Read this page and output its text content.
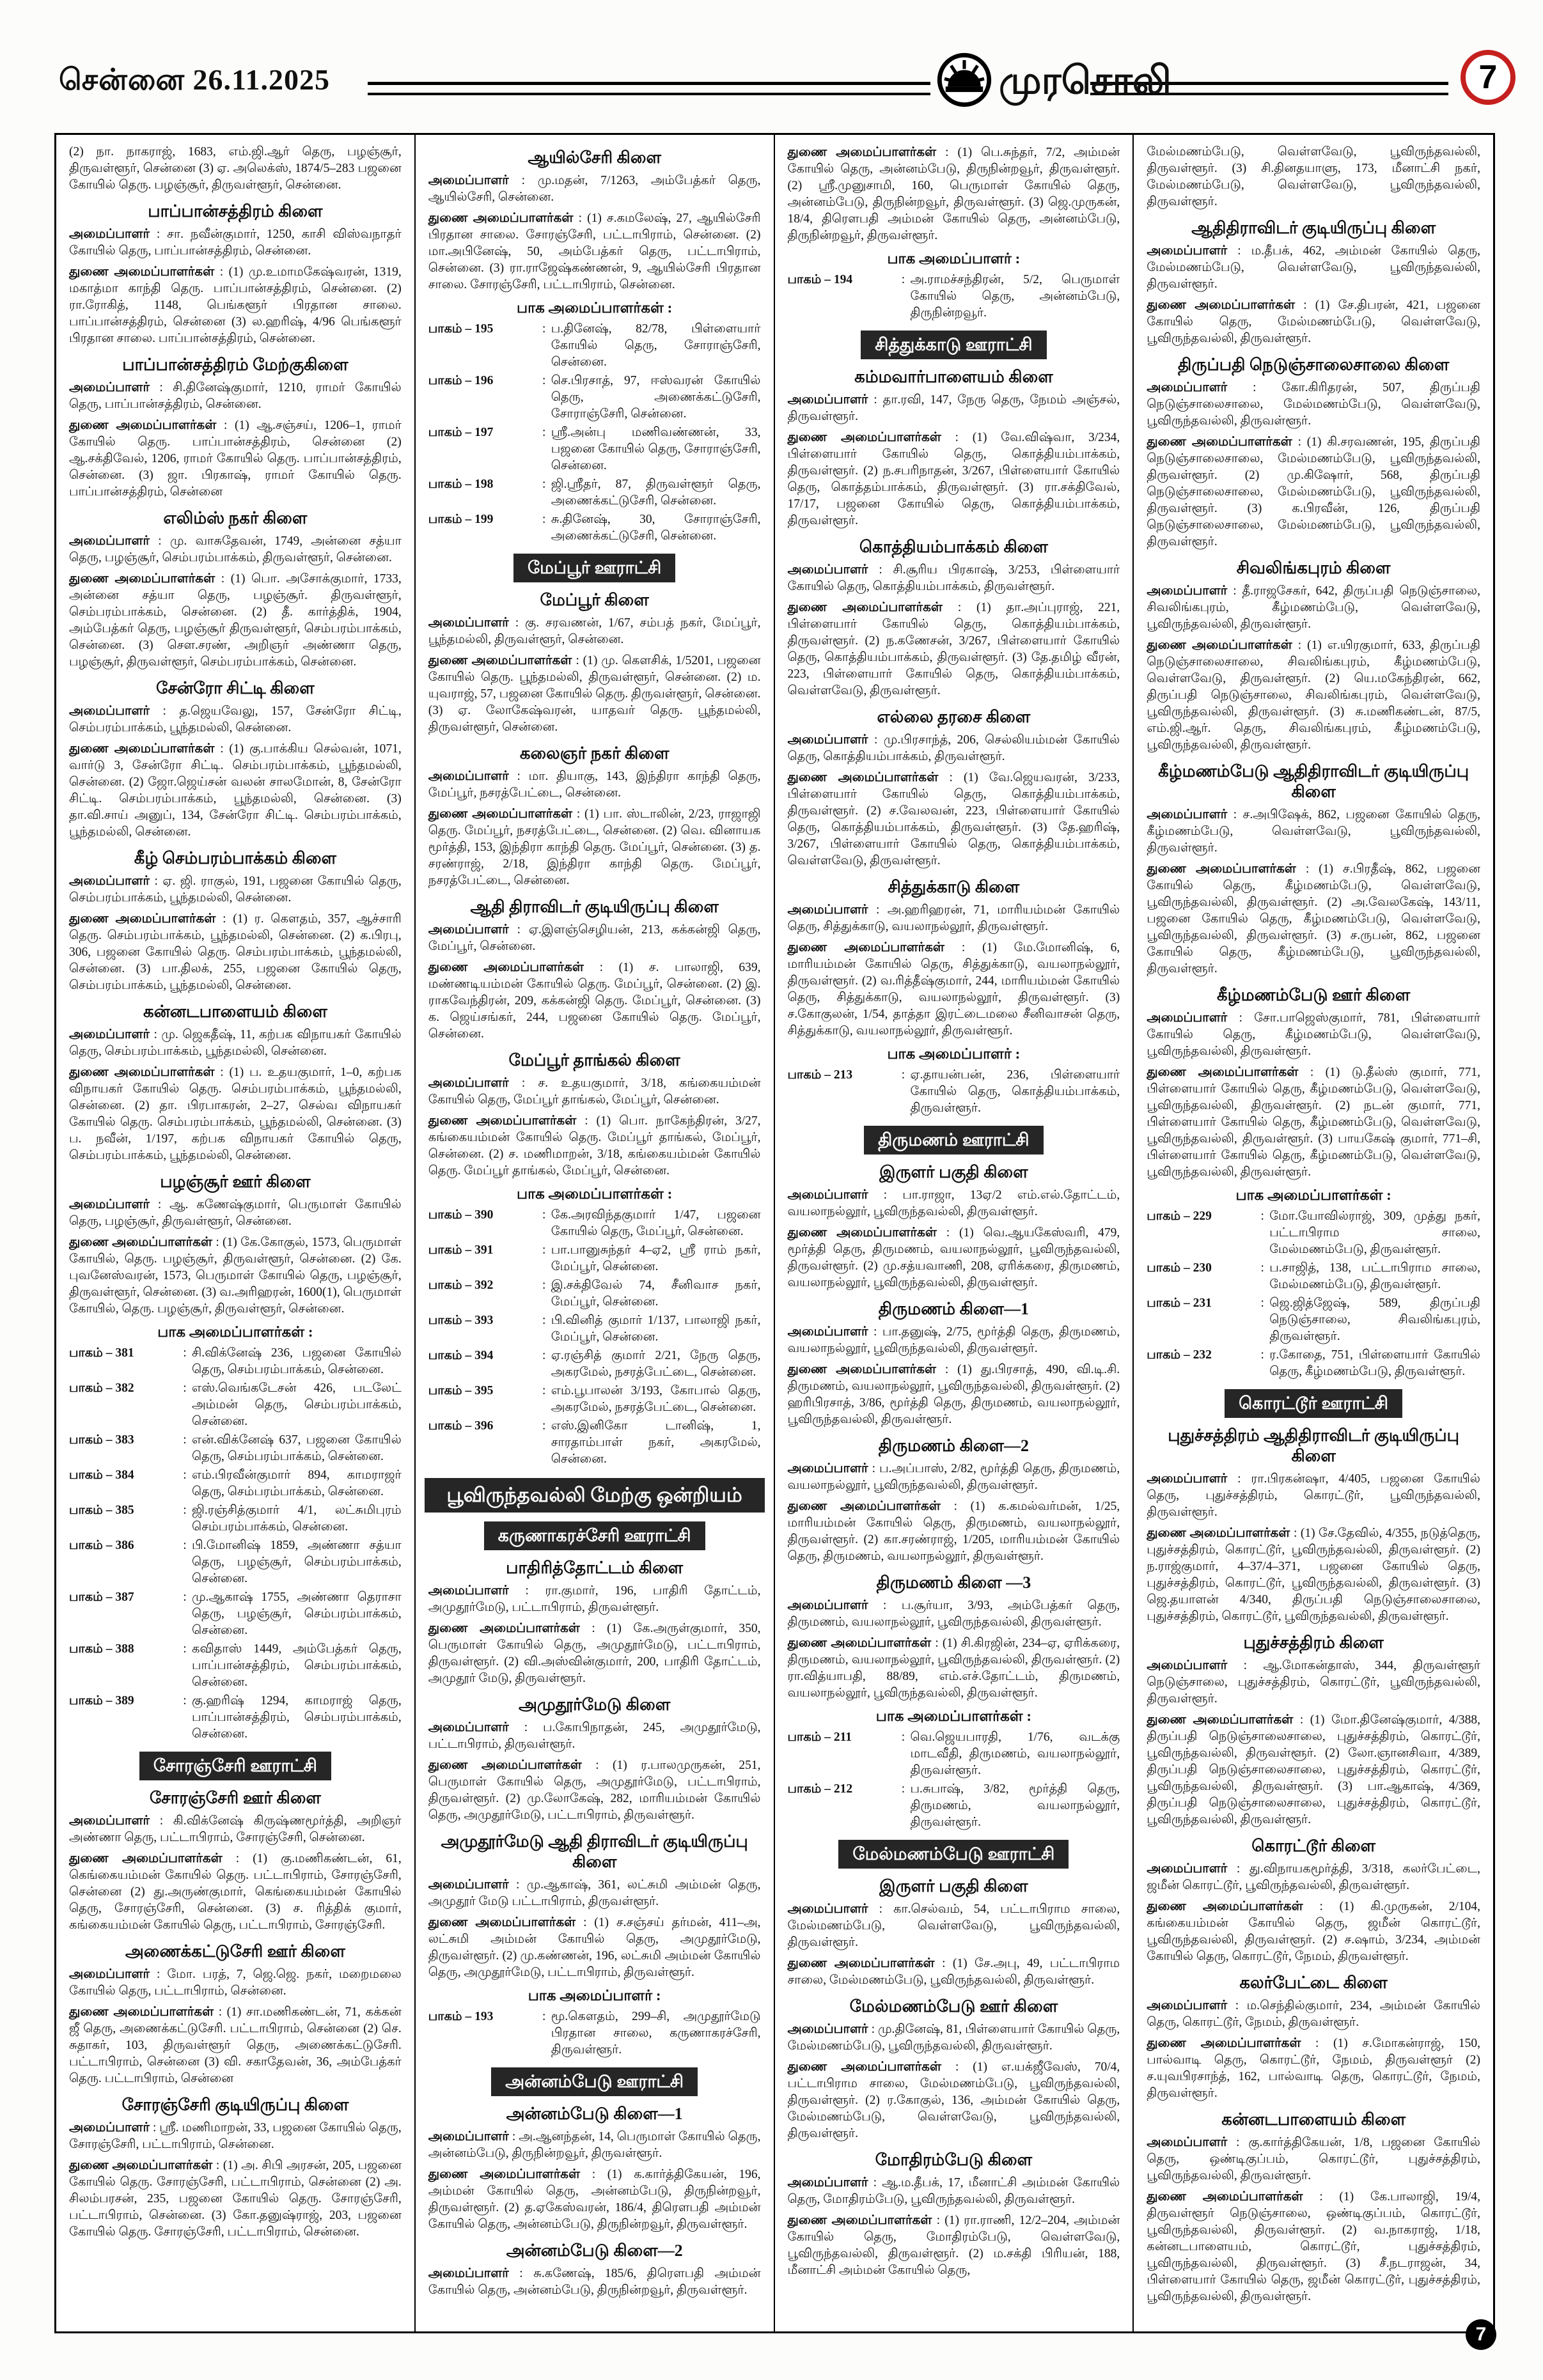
சென்னை 26.11.2025	முரசொலி	7
(2) நா. நாகராஜ், 1683, எம்.ஜி.ஆர் தெரு, பழஞ்சூர், திருவள்ளூர், சென்னை (3) ஏ. அலெக்ஸ், 1874/5–283 பஜனை கோயில் தெரு. பழஞ்சூர், திருவள்ளூர், சென்னை.
பாப்பான்சத்திரம் கிளை
அமைப்பாளர் : சா. நவீன்குமார், 1250, காசி விஸ்வநாதர் கோயில் தெரு, பாப்பான்சத்திரம், சென்னை.
துணை அமைப்பாளர்கள் : (1) மு.உமாமகேஷ்வரன், 1319, மகாத்மா காந்தி தெரு. பாப்பான்சத்திரம், சென்னை. (2) ரா.ரோகித், 1148, பெங்களூர் பிரதான சாலை. பாப்பான்சத்திரம், சென்னை (3) ல.ஹரிஷ், 4/96 பெங்களூர் பிரதான சாலை. பாப்பான்சத்திரம், சென்னை.
பாப்பான்சத்திரம் மேற்குகிளை
அமைப்பாளர் : சி.தினேஷ்குமார், 1210, ராமர் கோயில் தெரு, பாப்பான்சத்திரம், சென்னை.
துணை அமைப்பாளர்கள் : (1) ஆ.சஞ்சய், 1206–1, ராமர் கோயில் தெரு. பாப்பான்சத்திரம், சென்னை (2) ஆ.சக்திவேல், 1206, ராமர் கோயில் தெரு. பாப்பான்சத்திரம், சென்னை. (3) ஜா. பிரகாஷ், ராமர் கோயில் தெரு. பாப்பான்சத்திரம், சென்னை
எலிம்ஸ் நகர் கிளை
அமைப்பாளர் : மு. வாசுதேவன், 1749, அன்னை சத்யா தெரு, பழஞ்சூர், செம்பரம்பாக்கம், திருவள்ளூர், சென்னை.
துணை அமைப்பாளர்கள் : (1) பொ. அசோக்குமார், 1733, அன்னை சத்யா தெரு, பழஞ்சூர். திருவள்ளூர், செம்பரம்பாக்கம், சென்னை. (2) தீ. கார்த்திக், 1904, அம்பேத்கர் தெரு, பழஞ்சூர் திருவள்ளூர், செம்பரம்பாக்கம், சென்னை. (3) செள.சரண், அறிஞர் அண்ணா தெரு, பழஞ்சூர், திருவள்ளூர், செம்பரம்பாக்கம், சென்னை.
சேன்ரோ சிட்டி கிளை
அமைப்பாளர் : த.ஜெயவேலு, 157, சேன்ரோ சிட்டி, செம்பரம்பாக்கம், பூந்தமல்லி, சென்னை.
துணை அமைப்பாளர்கள் : (1) கு.பாக்கிய செல்வன், 1071, வார்டு 3, சேன்ரோ சிட்டி. செம்பரம்பாக்கம், பூந்தமல்லி, சென்னை. (2) ஜோ.ஜெய்சன் வலன் சாலமோன், 8, சேன்ரோ சிட்டி. செம்பரம்பாக்கம், பூந்தமல்லி, சென்னை. (3) தா.வி.சாய் அனுப், 134, சேன்ரோ சிட்டி. செம்பரம்பாக்கம், பூந்தமல்லி, சென்னை.
கீழ் செம்பரம்பாக்கம் கிளை
அமைப்பாளர் : ஏ. ஜி. ராகுல், 191, பஜனை கோயில் தெரு, செம்பரம்பாக்கம், பூந்தமல்லி, சென்னை.
துணை அமைப்பாளர்கள் : (1) ர. கௌதம், 357, ஆச்சாரி தெரு. செம்பரம்பாக்கம், பூந்தமல்லி, சென்னை. (2) க.பிரபு, 306, பஜனை கோயில் தெரு. செம்பரம்பாக்கம், பூந்தமல்லி, சென்னை. (3) பா.திலக், 255, பஜனை கோயில் தெரு, செம்பரம்பாக்கம், பூந்தமல்லி, சென்னை.
கன்னடபாளையம் கிளை
அமைப்பாளர் : மு. ஜெகதீஷ், 11, கற்பக விநாயகர் கோயில் தெரு, செம்பரம்பாக்கம், பூந்தமல்லி, சென்னை.
துணை அமைப்பாளர்கள் : (1) ப. உதயகுமார், 1–0, கற்பக விநாயகர் கோயில் தெரு. செம்பரம்பாக்கம், பூந்தமல்லி, சென்னை. (2) தா. பிரபாகரன், 2–27, செல்வ விநாயகர் கோயில் தெரு. செம்பரம்பாக்கம், பூந்தமல்லி, சென்னை. (3) ப. நவீன், 1/197, கற்பக விநாயகர் கோயில் தெரு, செம்பரம்பாக்கம், பூந்தமல்லி, சென்னை.
பழஞ்சூர் ஊர் கிளை
அமைப்பாளர் : ஆ. கணேஷ்குமார், பெருமாள் கோயில் தெரு, பழஞ்சூர், திருவள்ளூர், சென்னை.
துணை அமைப்பாளர்கள் : (1) கே.கோகுல், 1573, பெருமாள் கோயில், தெரு. பழஞ்சூர், திருவள்ளூர், சென்னை. (2) கே. புவனேஸ்வரன், 1573, பெருமாள் கோயில் தெரு, பழஞ்சூர், திருவள்ளூர், சென்னை. (3) வ.அரிஹரன், 1600(1), பெருமாள் கோயில், தெரு. பழஞ்சூர், திருவள்ளூர், சென்னை.
பாக அமைப்பாளர்கள் :
பாகம் – 381	: சி.விக்னேஷ் 236, பஜனை கோயில் தெரு, செம்பரம்பாக்கம், சென்னை.
பாகம் – 382	: எஸ்.வெங்கடேசன் 426, படலேட் அம்மன் தெரு, செம்பரம்பாக்கம், சென்னை.
பாகம் – 383	: என்.விக்னேஷ் 637, பஜனை கோயில் தெரு, செம்பரம்பாக்கம், சென்னை.
பாகம் – 384	: எம்.பிரவீன்குமார் 894, காமராஜர் தெரு, செம்பரம்பாக்கம், சென்னை.
பாகம் – 385	: ஜி.ரஞ்சித்குமார் 4/1, லட்சுமிபுரம் செம்பரம்பாக்கம், சென்னை.
பாகம் – 386	: பி.மோனிஷ் 1859, அண்ணா சத்யா தெரு, பழஞ்சூர், செம்பரம்பாக்கம், சென்னை.
பாகம் – 387	: மு.ஆகாஷ் 1755, அண்ணா தெராசா தெரு, பழஞ்சூர், செம்பரம்பாக்கம், சென்னை.
பாகம் – 388	: கவிதாஸ் 1449, அம்பேத்கர் தெரு, பாப்பான்சத்திரம், செம்பரம்பாக்கம், சென்னை.
பாகம் – 389	: கு.ஹரிஷ் 1294, காமராஜ் தெரு, பாப்பான்சத்திரம், செம்பரம்பாக்கம், சென்னை.
சோரஞ்சேரி ஊராட்சி
சோரஞ்சேரி ஊர் கிளை
அமைப்பாளர் : கி.விக்னேஷ் கிருஷ்ணமூர்த்தி, அறிஞர் அண்ணா தெரு, பட்டாபிராம், சோரஞ்சேரி, சென்னை.
துணை அமைப்பாளர்கள் : (1) கு.மணிகண்டன், 61, கெங்கையம்மன் கோயில் தெரு. பட்டாபிராம், சோரஞ்சேரி, சென்னை (2) து.அருண்குமார், கெங்கையம்மன் கோயில் தெரு, சோரஞ்சேரி, சென்னை. (3) ச. ரித்திக் குமார், கங்கையம்மன் கோயில் தெரு, பட்டாபிராம், சோரஞ்சேரி.
அணைக்கட்டுசேரி ஊர் கிளை
அமைப்பாளர் : மோ. பரத், 7, ஜெ.ஜெ. நகர், மறைமலை கோயில் தெரு, பட்டாபிராம், சென்னை.
துணை அமைப்பாளர்கள் : (1) சா.மணிகண்டன், 71, கக்கன் ஜீ தெரு, அணைக்கட்டுசேரி. பட்டாபிராம், சென்னை (2) செ. சுதாகர், 103, திருவள்ளூர் தெரு, அணைக்கட்டுசேரி. பட்டாபிராம், சென்னை (3) வி. சகாதேவன், 36, அம்பேத்கர் தெரு. பட்டாபிராம், சென்னை
சோரஞ்சேரி குடியிருப்பு கிளை
அமைப்பாளர் : ஸ்ரீ. மணிமாறன், 33, பஜனை கோயில் தெரு, சோரஞ்சேரி, பட்டாபிராம், சென்னை.
துணை அமைப்பாளர்கள் : (1) அ. சிபி அரசன், 205, பஜனை கோயில் தெரு. சோரஞ்சேரி, பட்டாபிராம், சென்னை (2) அ. சிலம்பரசன், 235, பஜனை கோயில் தெரு. சோரஞ்சேரி, பட்டாபிராம், சென்னை. (3) கோ.தனுஷ்ராஜ், 203, பஜனை கோயில் தெரு. சோரஞ்சேரி, பட்டாபிராம், சென்னை.
ஆயில்சேரி கிளை
அமைப்பாளர் : மு.மதன், 7/1263, அம்பேத்கர் தெரு, ஆயில்சேரி, சென்னை.
துணை அமைப்பாளர்கள் : (1) ச.கமலேஷ், 27, ஆயில்சேரி பிரதான சாலை. சோரஞ்சேரி, பட்டாபிராம், சென்னை. (2) மா.அபினேஷ், 50, அம்பேத்கர் தெரு, பட்டாபிராம், சென்னை. (3) ரா.ராஜேஷ்கண்ணன், 9, ஆயில்சேரி பிரதான சாலை. சோரஞ்சேரி, பட்டாபிராம், சென்னை.
பாக அமைப்பாளர்கள் :
பாகம் – 195	: ப.தினேஷ், 82/78, பிள்ளையார் கோயில் தெரு, சோராஞ்சேரி, சென்னை.
பாகம் – 196	: செ.பிரசாத், 97, ஈஸ்வரன் கோயில் தெரு, அணைக்கட்டுசேரி, சோராஞ்சேரி, சென்னை.
பாகம் – 197	: ஸ்ரீ.அன்பு மணிவண்ணன், 33, பஜனை கோயில் தெரு, சோராஞ்சேரி, சென்னை.
பாகம் – 198	: ஜி.ஸ்ரீதர், 87, திருவள்ளூர் தெரு, அணைக்கட்டுசேரி, சென்னை.
பாகம் – 199	: சு.தினேஷ், 30, சோராஞ்சேரி, அணைக்கட்டுசேரி, சென்னை.
மேப்பூர் ஊராட்சி
மேப்பூர் கிளை
அமைப்பாளர் : கு. சரவணன், 1/67, சம்பத் நகர், மேப்பூர், பூந்தமல்லி, திருவள்ளூர், சென்னை.
துணை அமைப்பாளர்கள் : (1) மு. கௌசிக், 1/5201, பஜனை கோயில் தெரு. பூந்தமல்லி, திருவள்ளூர், சென்னை. (2) ம. யுவராஜ், 57, பஜனை கோயில் தெரு. திருவள்ளூர், சென்னை. (3) ஏ. லோகேஷ்வரன், யாதவர் தெரு. பூந்தமல்லி, திருவள்ளூர், சென்னை.
கலைஞர் நகர் கிளை
அமைப்பாளர் : மா. தியாகு, 143, இந்திரா காந்தி தெரு, மேப்பூர், நசரத்பேட்டை, சென்னை.
துணை அமைப்பாளர்கள் : (1) பா. ஸ்டாலின், 2/23, ராஜாஜி தெரு. மேப்பூர், நசரத்பேட்டை, சென்னை. (2) வெ. வினாயக மூர்த்தி, 153, இந்திரா காந்தி தெரு. மேப்பூர், சென்னை. (3) த. சரண்ராஜ், 2/18, இந்திரா காந்தி தெரு. மேப்பூர், நசரத்பேட்டை, சென்னை.
ஆதி திராவிடர் குடியிருப்பு கிளை
அமைப்பாளர் : ஏ.இளஞ்செழியன், 213, கக்கன்ஜி தெரு, மேப்பூர், சென்னை.
துணை அமைப்பாளர்கள் : (1) ச. பாலாஜி, 639, மண்ணடியம்மன் கோயில் தெரு. மேப்பூர், சென்னை. (2) இ. ராகவேந்திரன், 209, கக்கன்ஜி தெரு. மேப்பூர், சென்னை. (3) க. ஜெய்சங்கர், 244, பஜனை கோயில் தெரு. மேப்பூர், சென்னை.
மேப்பூர் தாங்கல் கிளை
அமைப்பாளர் : ச. உதயகுமார், 3/18, கங்கையம்மன் கோயில் தெரு, மேப்பூர் தாங்கல், மேப்பூர், சென்னை.
துணை அமைப்பாளர்கள் : (1) பொ. நாகேந்திரன், 3/27, கங்கையம்மன் கோயில் தெரு. மேப்பூர் தாங்கல், மேப்பூர், சென்னை. (2) ச. மணிமாறன், 3/18, கங்கையம்மன் கோயில் தெரு. மேப்பூர் தாங்கல், மேப்பூர், சென்னை.
பாக அமைப்பாளர்கள் :
பாகம் – 390	: கே.அரவிந்தகுமார் 1/47, பஜனை கோயில் தெரு, மேப்பூர், சென்னை.
பாகம் – 391	: பா.பானுசுந்தர் 4–ஏ2, ஸ்ரீ ராம் நகர், மேப்பூர், சென்னை.
பாகம் – 392	: இ.சக்திவேல் 74, சீனிவாச நகர், மேப்பூர், சென்னை.
பாகம் – 393	: பி.வினித் குமார் 1/137, பாலாஜி நகர், மேப்பூர், சென்னை.
பாகம் – 394	: ஏ.ரஞ்சித் குமார் 2/21, நேரு தெரு, அகரமேல், நசரத்பேட்டை, சென்னை.
பாகம் – 395	: எம்.பூபாலன் 3/193, கோபால் தெரு, அகரமேல், நசரத்பேட்டை, சென்னை.
பாகம் – 396	: எஸ்.இனிகோ டானிஷ், 1, சாரதாம்பாள் நகர், அகரமேல், சென்னை.
பூவிருந்தவல்லி மேற்கு ஒன்றியம்
கருணாகரச்சேரி ஊராட்சி
பாதிரித்தோட்டம் கிளை
அமைப்பாளர் : ரா.குமார், 196, பாதிரி தோட்டம், அமுதூர்மேடு, பட்டாபிராம், திருவள்ளூர்.
துணை அமைப்பாளர்கள் : (1) கே.அருள்குமார், 350, பெருமாள் கோயில் தெரு, அமுதூர்மேடு, பட்டாபிராம், திருவள்ளூர். (2) வி.அஸ்வின்குமார், 200, பாதிரி தோட்டம், அமுதூர் மேடு, திருவள்ளூர்.
அமுதூர்மேடு கிளை
அமைப்பாளர் : ப.கோபிநாதன், 245, அமுதூர்மேடு, பட்டாபிராம், திருவள்ளூர்.
துணை அமைப்பாளர்கள் : (1) ர.பாலமுருகன், 251, பெருமாள் கோயில் தெரு, அமுதூர்மேடு, பட்டாபிராம், திருவள்ளூர். (2) மு.லோகேஷ், 282, மாரியம்மன் கோயில் தெரு, அமுதூர்மேடு, பட்டாபிராம், திருவள்ளூர்.
அமுதூர்மேடு ஆதி திராவிடர் குடியிருப்பு கிளை
அமைப்பாளர் : மு.ஆகாஷ், 361, லட்சுமி அம்மன் தெரு, அமுதூர் மேடு பட்டாபிராம், திருவள்ளூர்.
துணை அமைப்பாளர்கள் : (1) ச.சஞ்சய் தர்மன், 411–அ, லட்சுமி அம்மன் கோயில் தெரு, அமுதூர்மேடு, திருவள்ளூர். (2) மு.கண்ணன், 196, லட்சுமி அம்மன் கோயில் தெரு, அமுதூர்மேடு, பட்டாபிராம், திருவள்ளூர்.
பாக அமைப்பாளர் :
பாகம் – 193	: மூ.கௌதம், 299–சி, அமுதூர்மேடு பிரதான சாலை, கருணாகரச்சேரி, திருவள்ளூர்.
அன்னம்பேடு ஊராட்சி
அன்னம்பேடு கிளை—1
அமைப்பாளர் : அ.ஆனந்தன், 14, பெருமாள் கோயில் தெரு, அன்னம்பேடு, திருநின்றவூர், திருவள்ளூர்.
துணை அமைப்பாளர்கள் : (1) க.கார்த்திகேயன், 196, அம்மன் கோயில் தெரு, அன்னம்பேடு, திருநின்றவூர், திருவள்ளூர். (2) த.ஏகேஸ்வரன், 186/4, திரௌபதி அம்மன் கோயில் தெரு, அன்னம்பேடு, திருநின்றவூர், திருவள்ளூர்.
அன்னம்பேடு கிளை—2
அமைப்பாளர் : சு.கணேஷ், 185/6, திரௌபதி அம்மன் கோயில் தெரு, அன்னம்பேடு, திருநின்றவூர், திருவள்ளூர்.
துணை அமைப்பாளர்கள் : (1) பெ.சுந்தர், 7/2, அம்மன் கோயில் தெரு, அன்னம்பேடு, திருநின்றவூர், திருவள்ளூர். (2) ஸ்ரீ.முனுசாமி, 160, பெருமாள் கோயில் தெரு, அன்னம்பேடு, திருநின்றவூர், திருவள்ளூர். (3) ஜெ.முருகன், 18/4, திரௌபதி அம்மன் கோயில் தெரு, அன்னம்பேடு, திருநின்றவூர், திருவள்ளூர்.
பாக அமைப்பாளர் :
பாகம் – 194	: அ.ராமச்சந்திரன், 5/2, பெருமாள் கோயில் தெரு, அன்னம்பேடு, திருநின்றவூர்.
சித்துக்காடு ஊராட்சி
கம்மவார்பாளையம் கிளை
அமைப்பாளர் : தா.ரவி, 147, நேரு தெரு, நேமம் அஞ்சல், திருவள்ளூர்.
துணை அமைப்பாளர்கள் : (1) வே.விஷ்வா, 3/234, பிள்ளையார் கோயில் தெரு, கொத்தியம்பாக்கம், திருவள்ளூர். (2) ந.சபரிநாதன், 3/267, பிள்ளையார் கோயில் தெரு, கொத்தம்பாக்கம், திருவள்ளூர். (3) ரா.சக்திவேல், 17/17, பஜனை கோயில் தெரு, கொத்தியம்பாக்கம், திருவள்ளூர்.
கொத்தியம்பாக்கம் கிளை
அமைப்பாளர் : சி.சூரிய பிரகாஷ், 3/253, பிள்ளையார் கோயில் தெரு, கொத்தியம்பாக்கம், திருவள்ளூர்.
துணை அமைப்பாளர்கள் : (1) தா.அப்புராஜ், 221, பிள்ளையார் கோயில் தெரு, கொத்தியம்பாக்கம், திருவள்ளூர். (2) ந.கணேசன், 3/267, பிள்ளையார் கோயில் தெரு, கொத்தியம்பாக்கம், திருவள்ளூர். (3) தே.தமிழ் வீரன், 223, பிள்ளையார் கோயில் தெரு, கொத்தியம்பாக்கம், வெள்ளவேடு, திருவள்ளூர்.
எல்லை தரசை கிளை
அமைப்பாளர் : மு.பிரசாந்த், 206, செல்லியம்மன் கோயில் தெரு, கொத்தியம்பாக்கம், திருவள்ளூர்.
துணை அமைப்பாளர்கள் : (1) வே.ஜெயவரன், 3/233, பிள்ளையார் கோயில் தெரு, கொத்தியம்பாக்கம், திருவள்ளூர். (2) ச.வேலவன், 223, பிள்ளையார் கோயில் தெரு, கொத்தியம்பாக்கம், திருவள்ளூர். (3) தே.ஹரிஷ், 3/267, பிள்ளையார் கோயில் தெரு, கொத்தியம்பாக்கம், வெள்ளவேடு, திருவள்ளூர்.
சித்துக்காடு கிளை
அமைப்பாளர் : அ.ஹரிஹரன், 71, மாரியம்மன் கோயில் தெரு, சித்துக்காடு, வயலாநல்லூர், திருவள்ளூர்.
துணை அமைப்பாளர்கள் : (1) மே.மோனிஷ், 6, மாரியம்மன் கோயில் தெரு, சித்துக்காடு, வயலாநல்லூர், திருவள்ளூர். (2) வ.ரித்தீஷ்குமார், 244, மாரியம்மன் கோயில் தெரு, சித்துக்காடு, வயலாநல்லூர், திருவள்ளூர். (3) ச.கோகுலன், 1/54, தாத்தா இரட்டைமலை சீனிவாசன் தெரு, சித்துக்காடு, வயலாநல்லூர், திருவள்ளூர்.
பாக அமைப்பாளர் :
பாகம் – 213	: ஏ.தாயன்பன், 236, பிள்ளையார் கோயில் தெரு, கொத்தியம்பாக்கம், திருவள்ளூர்.
திருமணம் ஊராட்சி
இருளர் பகுதி கிளை
அமைப்பாளர் : பா.ராஜா, 13ஏ/2 எம்.எல்.தோட்டம், வயலாநல்லூர், பூவிருந்தவல்லி, திருவள்ளூர்.
துணை அமைப்பாளர்கள் : (1) வெ.ஆயகேஸ்வரி, 479, மூர்த்தி தெரு, திருமணம், வயலாநல்லூர், பூவிருந்தவல்லி, திருவள்ளூர். (2) மு.சத்யவாணி, 208, ஏரிக்கரை, திருமணம், வயலாநல்லூர், பூவிருந்தவல்லி, திருவள்ளூர்.
திருமணம் கிளை—1
அமைப்பாளர் : பா.தனுஷ், 2/75, மூர்த்தி தெரு, திருமணம், வயலாநல்லூர், பூவிருந்தவல்லி, திருவள்ளூர்.
துணை அமைப்பாளர்கள் : (1) து.பிரசாத், 490, வி.டி.சி. திருமணம், வயலாநல்லூர், பூவிருந்தவல்லி, திருவள்ளூர். (2) ஹரிபிரசாத், 3/86, மூர்த்தி தெரு, திருமணம், வயலாநல்லூர், பூவிருந்தவல்லி, திருவள்ளூர்.
திருமணம் கிளை—2
அமைப்பாளர் : ப.அப்பாஸ், 2/82, மூர்த்தி தெரு, திருமணம், வயலாநல்லூர், பூவிருந்தவல்லி, திருவள்ளூர்.
துணை அமைப்பாளர்கள் : (1) க.கமல்வர்மன், 1/25, மாரியம்மன் கோயில் தெரு, திருமணம், வயலாநல்லூர், திருவள்ளூர். (2) கா.சரண்ராஜ், 1/205, மாரியம்மன் கோயில் தெரு, திருமணம், வயலாநல்லூர், திருவள்ளூர்.
திருமணம் கிளை —3
அமைப்பாளர் : ப.சூர்யா, 3/93, அம்பேத்கர் தெரு, திருமணம், வயலாநல்லூர், பூவிருந்தவல்லி, திருவள்ளூர்.
துணை அமைப்பாளர்கள் : (1) சி.கிரஜின், 234–ஏ, ஏரிக்கரை, திருமணம், வயலாநல்லூர், பூவிருந்தவல்லி, திருவள்ளூர். (2) ரா.வித்யாபதி, 88/89, எம்.எச்.தோட்டம், திருமணம், வயலாநல்லூர், பூவிருந்தவல்லி, திருவள்ளூர்.
பாக அமைப்பாளர்கள் :
பாகம் – 211	: வெ.ஜெயபாரதி, 1/76, வடக்கு மாடவீதி, திருமணம், வயலாநல்லூர், திருவள்ளூர்.
பாகம் – 212	: ப.சுபாஷ், 3/82, மூர்த்தி தெரு, திருமணம், வயலாநல்லூர், திருவள்ளூர்.
மேல்மணம்பேடு ஊராட்சி
இருளர் பகுதி கிளை
அமைப்பாளர் : கா.செல்வம், 54, பட்டாபிராம சாலை, மேல்மணம்பேடு, வெள்ளவேடு, பூவிருந்தவல்லி, திருவள்ளூர்.
துணை அமைப்பாளர்கள் : (1) சே.அபு, 49, பட்டாபிராம சாலை, மேல்மணம்பேடு, பூவிருந்தவல்லி, திருவள்ளூர்.
மேல்மணம்பேடு ஊர் கிளை
அமைப்பாளர் : மு.தினேஷ், 81, பிள்ளையார் கோயில் தெரு, மேல்மணம்பேடு, பூவிருந்தவல்லி, திருவள்ளூர்.
துணை அமைப்பாளர்கள் : (1) எ.யக்ஜீவேஸ், 70/4, பட்டாபிராம சாலை, மேல்மணம்பேடு, பூவிருந்தவல்லி, திருவள்ளூர். (2) ர.கோகுல், 136, அம்மன் கோயில் தெரு, மேல்மணம்பேடு, வெள்ளவேடு, பூவிருந்தவல்லி, திருவள்ளூர்.
மோதிரம்பேடு கிளை
அமைப்பாளர் : ஆ.ம.தீபக், 17, மீனாட்சி அம்மன் கோயில் தெரு, மோதிரம்பேடு, பூவிருந்தவல்லி, திருவள்ளூர்.
துணை அமைப்பாளர்கள் : (1) ரா.ராணி, 12/2–204, அம்மன் கோயில் தெரு, மோதிரம்பேடு, வெள்ளவேடு, பூவிருந்தவல்லி, திருவள்ளூர். (2) ம.சக்தி பிரியன், 188, மீனாட்சி அம்மன் கோயில் தெரு,
மேல்மணம்பேடு, வெள்ளவேடு, பூவிருந்தவல்லி, திருவள்ளூர். (3) சி.தினதயாளு, 173, மீனாட்சி நகர், மேல்மணம்பேடு, வெள்ளவேடு, பூவிருந்தவல்லி, திருவள்ளூர்.
ஆதிதிராவிடர் குடியிருப்பு கிளை
அமைப்பாளர் : ம.தீபக், 462, அம்மன் கோயில் தெரு, மேல்மணம்பேடு, வெள்ளவேடு, பூவிருந்தவல்லி, திருவள்ளூர்.
துணை அமைப்பாளர்கள் : (1) சே.திபரன், 421, பஜனை கோயில் தெரு, மேல்மணம்பேடு, வெள்ளவேடு, பூவிருந்தவல்லி, திருவள்ளூர்.
திருப்பதி நெடுஞ்சாலைசாலை கிளை
அமைப்பாளர் : கோ.கிரிதரன், 507, திருப்பதி நெடுஞ்சாலைசாலை, மேல்மணம்பேடு, வெள்ளவேடு, பூவிருந்தவல்லி, திருவள்ளூர்.
துணை அமைப்பாளர்கள் : (1) கி.சரவணன், 195, திருப்பதி நெடுஞ்சாலைசாலை, மேல்மணம்பேடு, பூவிருந்தவல்லி, திருவள்ளூர். (2) மு.கிஷோர், 568, திருப்பதி நெடுஞ்சாலைசாலை, மேல்மணம்பேடு, பூவிருந்தவல்லி, திருவள்ளூர். (3) க.பிரவீன், 126, திருப்பதி நெடுஞ்சாலைசாலை, மேல்மணம்பேடு, பூவிருந்தவல்லி, திருவள்ளூர்.
சிவலிங்கபுரம் கிளை
அமைப்பாளர் : தீ.ராஜசேகர், 642, திருப்பதி நெடுஞ்சாலை, சிவலிங்கபுரம், கீழ்மணம்பேடு, வெள்ளவேடு, பூவிருந்தவல்லி, திருவள்ளூர்.
துணை அமைப்பாளர்கள் : (1) எ.யிரகுமார், 633, திருப்பதி நெடுஞ்சாலைசாலை, சிவலிங்கபுரம், கீழ்மணம்பேடு, வெள்ளவேடு, திருவள்ளூர். (2) யெ.மகேந்திரன், 662, திருப்பதி நெடுஞ்சாலை, சிவலிங்கபுரம், வெள்ளவேடு, பூவிருந்தவல்லி, திருவள்ளூர். (3) சு.மணிகண்டன், 87/5, எம்.ஜி.ஆர். தெரு, சிவலிங்கபுரம், கீழ்மணம்பேடு, பூவிருந்தவல்லி, திருவள்ளூர்.
கீழ்மணம்பேடு ஆதிதிராவிடர் குடியிருப்பு கிளை
அமைப்பாளர் : ச.அபிஷேக், 862, பஜனை கோயில் தெரு, கீழ்மணம்பேடு, வெள்ளவேடு, பூவிருந்தவல்லி, திருவள்ளூர்.
துணை அமைப்பாளர்கள் : (1) ச.பிரதீஷ், 862, பஜனை கோயில் தெரு, கீழ்மணம்பேடு, வெள்ளவேடு, பூவிருந்தவல்லி, திருவள்ளூர். (2) அ.வேலகேஷ், 143/11, பஜனை கோயில் தெரு, கீழ்மணம்பேடு, வெள்ளவேடு, பூவிருந்தவல்லி, திருவள்ளூர். (3) ச.ருபன், 862, பஜனை கோயில் தெரு, கீழ்மணம்பேடு, பூவிருந்தவல்லி, திருவள்ளூர்.
கீழ்மணம்பேடு ஊர் கிளை
அமைப்பாளர் : சோ.பாஜெஸ்குமார், 781, பிள்ளையார் கோயில் தெரு, கீழ்மணம்பேடு, வெள்ளவேடு, பூவிருந்தவல்லி, திருவள்ளூர்.
துணை அமைப்பாளர்கள் : (1) டு.தீல்ஸ் குமார், 771, பிள்ளையார் கோயில் தெரு, கீழ்மணம்பேடு, வெள்ளவேடு, பூவிருந்தவல்லி, திருவள்ளூர். (2) நடன் குமார், 771, பிள்ளையார் கோயில் தெரு, கீழ்மணம்பேடு, வெள்ளவேடு, பூவிருந்தவல்லி, திருவள்ளூர். (3) பாயகேஷ் குமார், 771–சி, பிள்ளையார் கோயில் தெரு, கீழ்மணம்பேடு, வெள்ளவேடு, பூவிருந்தவல்லி, திருவள்ளூர்.
பாக அமைப்பாளர்கள் :
பாகம் – 229	: மோ.யோவில்ராஜ், 309, முத்து நகர், பட்டாபிராம சாலை, மேல்மணம்பேடு, திருவள்ளூர்.
பாகம் – 230	: ப.சாஜித், 138, பட்டாபிராம சாலை, மேல்மணம்பேடு, திருவள்ளூர்.
பாகம் – 231	: ஜெ.ஜித்ஜேஷ், 589, திருப்பதி நெடுஞ்சாலை, சிவலிங்கபுரம், திருவள்ளூர்.
பாகம் – 232	: ர.கோதை, 751, பிள்ளையார் கோயில் தெரு, கீழ்மணம்பேடு, திருவள்ளூர்.
கொரட்டூர் ஊராட்சி
புதுச்சத்திரம் ஆதிதிராவிடர் குடியிருப்பு கிளை
அமைப்பாளர் : ரா.பிரகன்ஷா, 4/405, பஜனை கோயில் தெரு, புதுச்சத்திரம், கொரட்டூர், பூவிருந்தவல்லி, திருவள்ளூர்.
துணை அமைப்பாளர்கள் : (1) சே.தேவில், 4/355, நடுத்தெரு, புதுச்சத்திரம், கொரட்டூர், பூவிருந்தவல்லி, திருவள்ளூர். (2) ந.ராஜ்குமார், 4–37/4–371, பஜனை கோயில் தெரு, புதுச்சத்திரம், கொரட்டூர், பூவிருந்தவல்லி, திருவள்ளூர். (3) ஜெ.தயாளன் 4/340, திருப்பதி நெடுஞ்சாலைசாலை, புதுச்சத்திரம், கொரட்டூர், பூவிருந்தவல்லி, திருவள்ளூர்.
புதுச்சத்திரம் கிளை
அமைப்பாளர் : ஆ.மோகன்தாஸ், 344, திருவள்ளூர் நெடுஞ்சாலை, புதுச்சத்திரம், கொரட்டூர், பூவிருந்தவல்லி, திருவள்ளூர்.
துணை அமைப்பாளர்கள் : (1) மோ.தினேஷ்குமார், 4/388, திருப்பதி நெடுஞ்சாலைசாலை, புதுச்சத்திரம், கொரட்டூர், பூவிருந்தவல்லி, திருவள்ளூர். (2) லோ.ஞானசிவா, 4/389, திருப்பதி நெடுஞ்சாலைசாலை, புதுச்சத்திரம், கொரட்டூர், பூவிருந்தவல்லி, திருவள்ளூர். (3) பா.ஆகாஷ், 4/369, திருப்பதி நெடுஞ்சாலைசாலை, புதுச்சத்திரம், கொரட்டூர், பூவிருந்தவல்லி, திருவள்ளூர்.
கொரட்டூர் கிளை
அமைப்பாளர் : து.விநாயகமூர்த்தி, 3/318, கலர்பேட்டை, ஜமீன் கொரட்டூர், பூவிருந்தவல்லி, திருவள்ளூர்.
துணை அமைப்பாளர்கள் : (1) கி.முருகன், 2/104, கங்கையம்மன் கோயில் தெரு, ஜமீன் கொரட்டூர், பூவிருந்தவல்லி, திருவள்ளூர். (2) ச.ஷாம், 3/234, அம்மன் கோயில் தெரு, கொரட்டூர், நேமம், திருவள்ளூர்.
கலர்பேட்டை கிளை
அமைப்பாளர் : ம.செந்தில்குமார், 234, அம்மன் கோயில் தெரு, கொரட்டூர், நேமம், திருவள்ளூர்.
துணை அமைப்பாளர்கள் : (1) ச.மோகன்ராஜ், 150, பால்வாடி தெரு, கொரட்டூர், நேமம், திருவள்ளூர் (2) ச.யுவபிரசாந்த், 162, பால்வாடி தெரு, கொரட்டூர், நேமம், திருவள்ளூர்.
கன்னடபாளையம் கிளை
அமைப்பாளர் : கு.கார்த்திகேயன், 1/8, பஜனை கோயில் தெரு, ஒண்டிகுப்பம், கொரட்டூர், புதுச்சத்திரம், பூவிருந்தவல்லி, திருவள்ளூர்.
துணை அமைப்பாளர்கள் : (1) கே.பாலாஜி, 19/4, திருவள்ளூர் நெடுஞ்சாலை, ஒண்டிகுப்பம், கொரட்டூர், பூவிருந்தவல்லி, திருவள்ளூர். (2) வ.நாகராஜ், 1/18, கன்னடபாளையம், கொரட்டூர், புதுச்சத்திரம், பூவிருந்தவல்லி, திருவள்ளூர். (3) சீ.நடராஜன், 34, பிள்ளையார் கோயில் தெரு, ஜமீன் கொரட்டூர், புதுச்சத்திரம், பூவிருந்தவல்லி, திருவள்ளூர்.
7
